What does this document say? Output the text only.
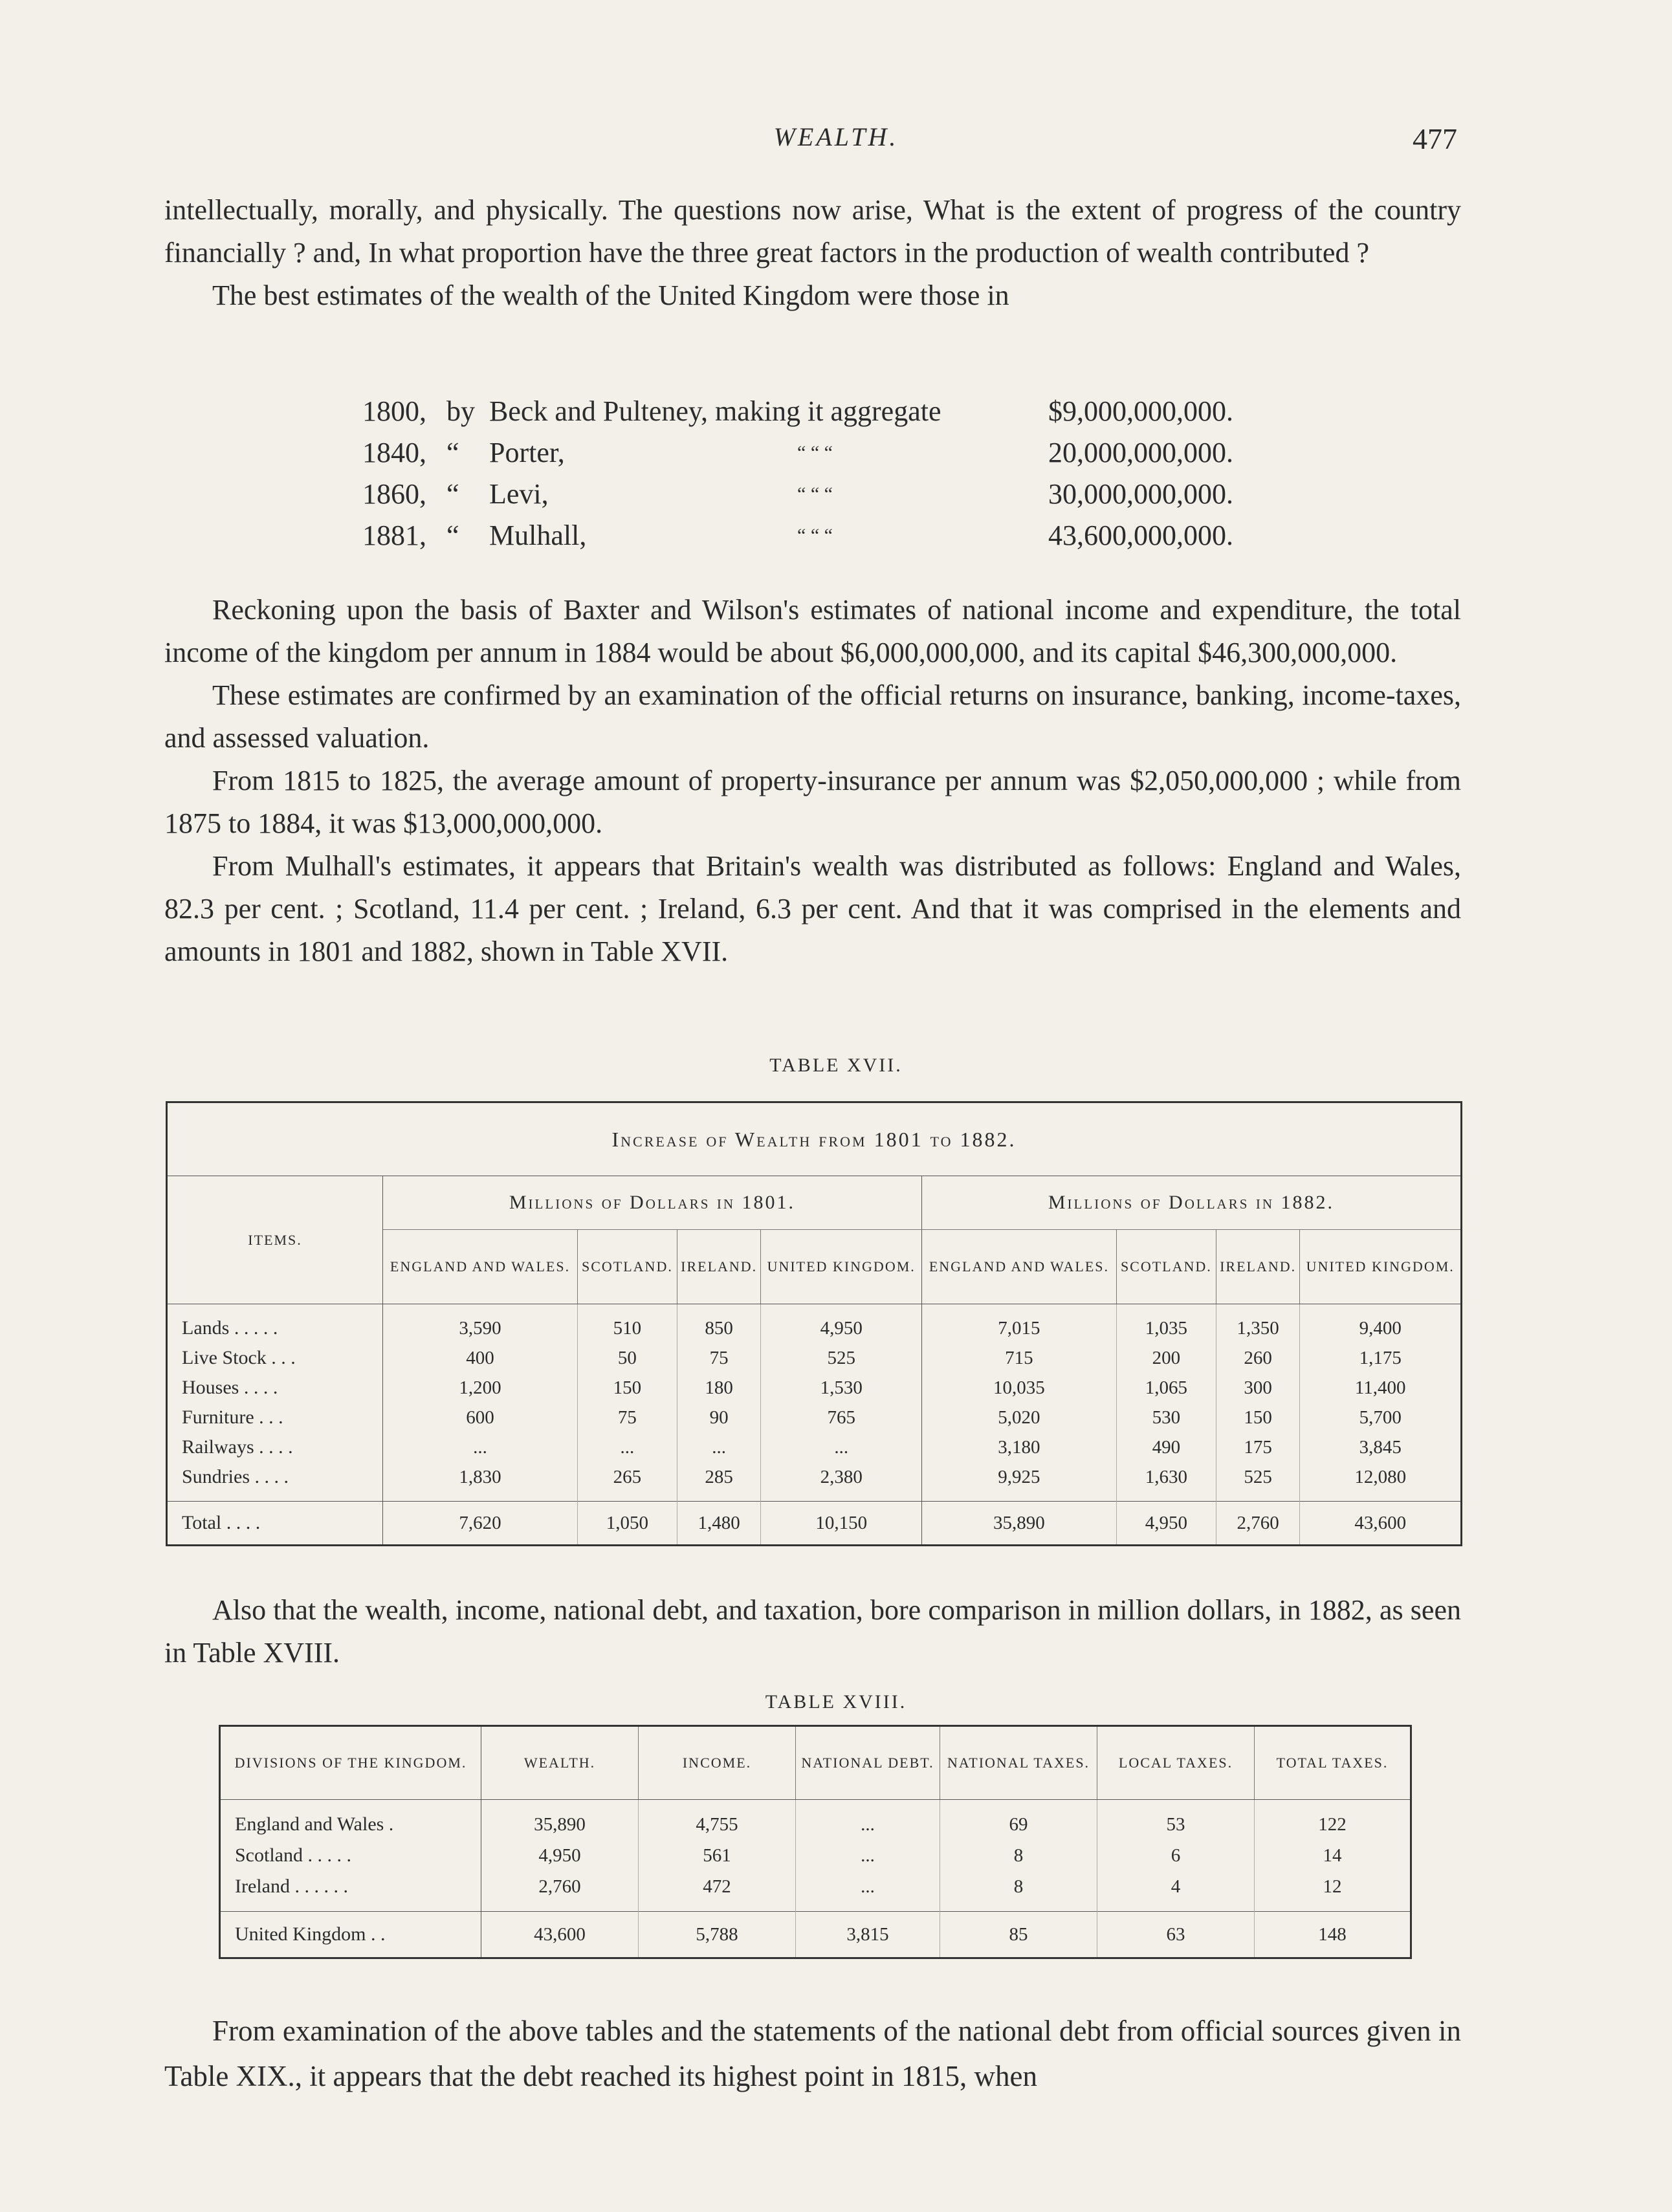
WEALTH.	477

intellectually, morally, and physically. The questions now arise, What is the extent of progress of the country financially ? and, In what proportion have the three great factors in the production of wealth contributed ?

The best estimates of the wealth of the United Kingdom were those in

1800, by Beck and Pulteney, making it aggregate	$9,000,000,000.
1840, “ Porter,	“ “ “	20,000,000,000.
1860, “ Levi,	“ “ “	30,000,000,000.
1881, “ Mulhall,	“ “ “	43,600,000,000.

Reckoning upon the basis of Baxter and Wilson's estimates of national income and expenditure, the total income of the kingdom per annum in 1884 would be about $6,000,000,000, and its capital $46,300,000,000.

These estimates are confirmed by an examination of the official returns on insurance, banking, income-taxes, and assessed valuation.

From 1815 to 1825, the average amount of property-insurance per annum was $2,050,000,000 ; while from 1875 to 1884, it was $13,000,000,000.

From Mulhall's estimates, it appears that Britain's wealth was distributed as follows: England and Wales, 82.3 per cent. ; Scotland, 11.4 per cent. ; Ireland, 6.3 per cent. And that it was comprised in the elements and amounts in 1801 and 1882, shown in Table XVII.

TABLE XVII.
Increase of Wealth from 1801 to 1882.								
ITEMS.	Millions of Dollars in 1801.				Millions of Dollars in 1882.			
	ENGLAND AND WALES.	SCOTLAND.	IRELAND.	UNITED KINGDOM.	ENGLAND AND WALES.	SCOTLAND.	IRELAND.	UNITED KINGDOM.
Lands . . . . .	3,590	510	850	4,950	7,015	1,035	1,350	9,400
Live Stock . . .	400	50	75	525	715	200	260	1,175
Houses . . . .	1,200	150	180	1,530	10,035	1,065	300	11,400
Furniture . . .	600	75	90	765	5,020	530	150	5,700
Railways . . . .	...	...	...	...	3,180	490	175	3,845
Sundries . . . .	1,830	265	285	2,380	9,925	1,630	525	12,080
Total . . . .	7,620	1,050	1,480	10,150	35,890	4,950	2,760	43,600

Also that the wealth, income, national debt, and taxation, bore comparison in million dollars, in 1882, as seen in Table XVIII.

TABLE XVIII.
DIVISIONS OF THE KINGDOM.	WEALTH.	INCOME.	NATIONAL DEBT.	NATIONAL TAXES.	LOCAL TAXES.	TOTAL TAXES.
England and Wales .	35,890	4,755	...	69	53	122
Scotland . . . . .	4,950	561	...	8	6	14
Ireland . . . . . .	2,760	472	...	8	4	12
United Kingdom . .	43,600	5,788	3,815	85	63	148

From examination of the above tables and the statements of the national debt from official sources given in Table XIX., it appears that the debt reached its highest point in 1815, when
